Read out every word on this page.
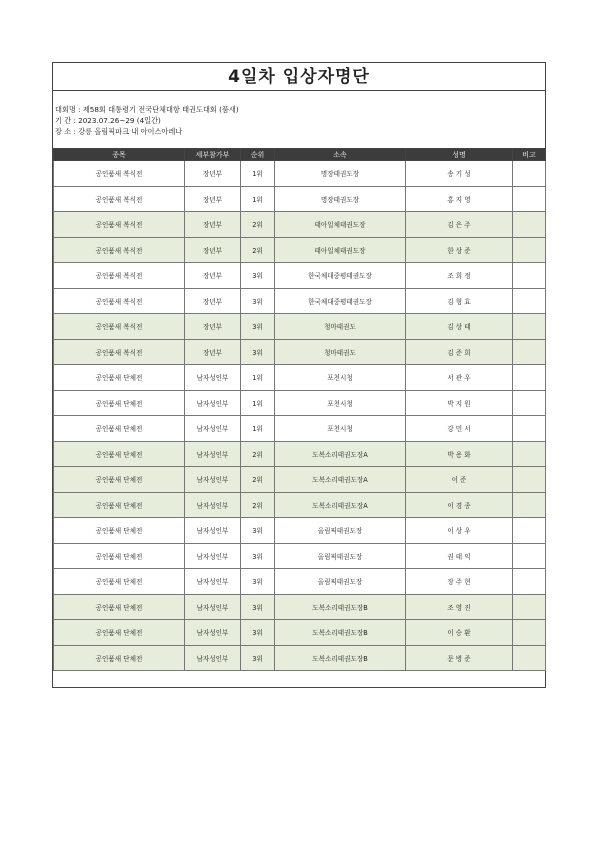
4일차 입상자명단
대회명 : 제58회 대통령기 전국단체대항 태권도대회 (품새)
기 간 : 2023.07.26~29 (4일간)
장 소 : 강릉 올림픽파크 내 아이스아레나
종목	세부참가부	순위	소속	성명	비고
공인품새 복식전	장년부	1위	명장태권도장	송 기 성	
공인품새 복식전	장년부	1위	명장태권도장	홍 지 영	
공인품새 복식전	장년부	2위	태아일체태권도장	김 은 주	
공인품새 복식전	장년부	2위	태아일체태권도장	한 상 준	
공인품새 복식전	장년부	3위	한국체대중평태권도장	조 희 정	
공인품새 복식전	장년부	3위	한국체대중평태권도장	김 형 효	
공인품새 복식전	장년부	3위	청마태권도	김 상 태	
공인품새 복식전	장년부	3위	청마태권도	김 준 희	
공인품새 단체전	남자성인부	1위	포천시청	서 관 우	
공인품새 단체전	남자성인부	1위	포천시청	박 지 원	
공인품새 단체전	남자성인부	1위	포천시청	강 민 서	
공인품새 단체전	남자성인부	2위	도복소리태권도장A	박 용 화	
공인품새 단체전	남자성인부	2위	도복소리태권도장A	이 준	
공인품새 단체전	남자성인부	2위	도복소리태권도장A	이 경 종	
공인품새 단체전	남자성인부	3위	올림픽태권도장	이 상 우	
공인품새 단체전	남자성인부	3위	올림픽태권도장	권 태 익	
공인품새 단체전	남자성인부	3위	올림픽태권도장	장 주 현	
공인품새 단체전	남자성인부	3위	도복소리태권도장B	조 영 진	
공인품새 단체전	남자성인부	3위	도복소리태권도장B	이 승 환	
공인품새 단체전	남자성인부	3위	도복소리태권도장B	문 병 준	
